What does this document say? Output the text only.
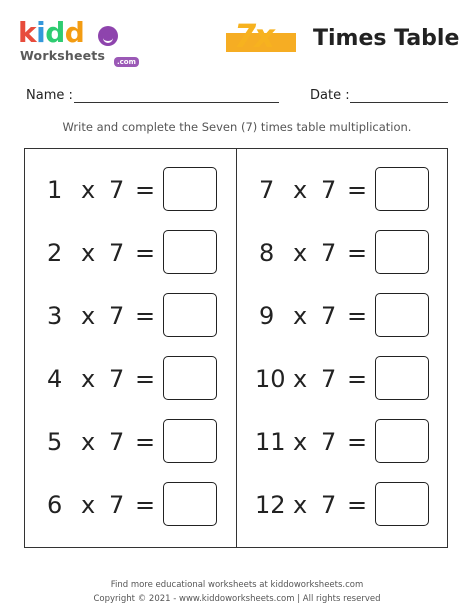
kidd
Worksheets	.com
7x Times Table
Name :	Date :
Write and complete the Seven (7) times table multiplication.
1 x 7 =
2 x 7 =
3 x 7 =
4 x 7 =
5 x 7 =
6 x 7 =
7 x 7 =
8 x 7 =
9 x 7 =
10 x 7 =
11 x 7 =
12 x 7 =
Find more educational worksheets at kiddoworksheets.com
Copyright © 2021 - www.kiddoworksheets.com | All rights reserved
